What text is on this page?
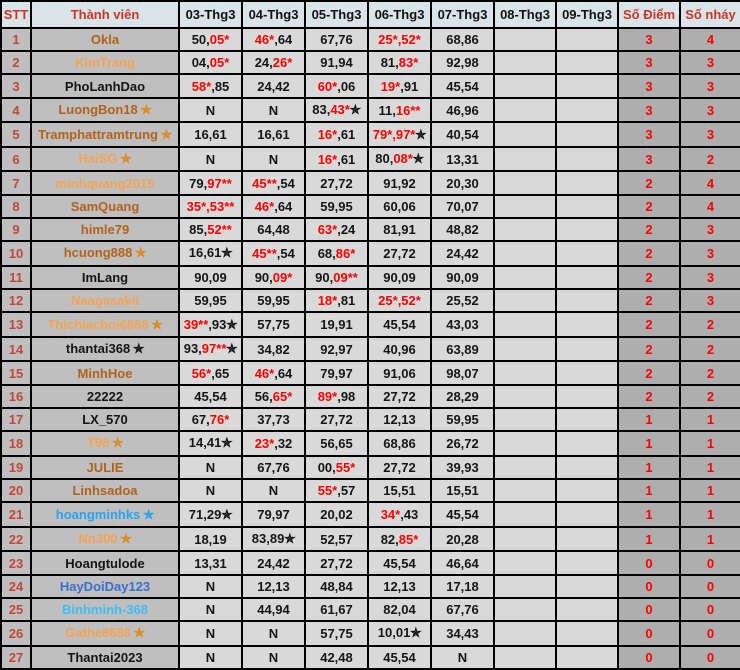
STT	Thành viên	03-Thg3	04-Thg3	05-Thg3	06-Thg3	07-Thg3	08-Thg3	09-Thg3	Số Điểm	Số nháy
1	Okla	50,05*	46*,64	67,76	25*,52*	68,86			3	4
2	KimTrang	04,05*	24,26*	91,94	81,83*	92,98			3	3
3	PhoLanhDao	58*,85	24,42	60*,06	19*,91	45,54			3	3
4	LuongBon18 ✯	N	N	83,43*✯	11,16**	46,96			3	3
5	Tramphattramtrung ✯	16,61	16,61	16*,61	79*,97*✯	40,54			3	3
6	HaiSG ✯	N	N	16*,61	80,08*✯	13,31			3	2
7	minhquang2015	79,97**	45**,54	27,72	91,92	20,30			2	4
8	SamQuang	35*,53**	46*,64	59,95	60,06	70,07			2	4
9	himle79	85,52**	64,48	63*,24	81,91	48,82			2	3
10	hcuong888 ✯	16,61✯	45**,54	68,86*	27,72	24,42			2	3
11	ImLang	90,09	90,09*	90,09**	90,09	90,09			2	3
12	Naagasakii	59,95	59,95	18*,81	25*,52*	25,52			2	3
13	Thichlachoi6868 ✯	39**,93✯	57,75	19,91	45,54	43,03			2	2
14	thantai368 ✯	93,97**✯	34,82	92,97	40,96	63,89			2	2
15	MinhHoe	56*,65	46*,64	79,97	91,06	98,07			2	2
16	22222	45,54	56,65*	89*,98	27,72	28,29			2	2
17	LX_570	67,76*	37,73	27,72	12,13	59,95			1	1
18	T98 ✯	14,41✯	23*,32	56,65	68,86	26,72			1	1
19	JULIE	N	67,76	00,55*	27,72	39,93			1	1
20	Linhsadoa	N	N	55*,57	15,51	15,51			1	1
21	hoangminhks ✯	71,29✯	79,97	20,02	34*,43	45,54			1	1
22	Nn300 ✯	18,19	83,89✯	52,57	82,85*	20,28			1	1
23	Hoangtulode	13,31	24,42	27,72	45,54	46,64			0	0
24	HayDoiDay123	N	12,13	48,84	12,13	17,18			0	0
25	Binhminh-368	N	44,94	61,67	82,04	67,76			0	0
26	Gathe8686 ✯	N	N	57,75	10,01✯	34,43			0	0
27	Thantai2023	N	N	42,48	45,54	N			0	0
